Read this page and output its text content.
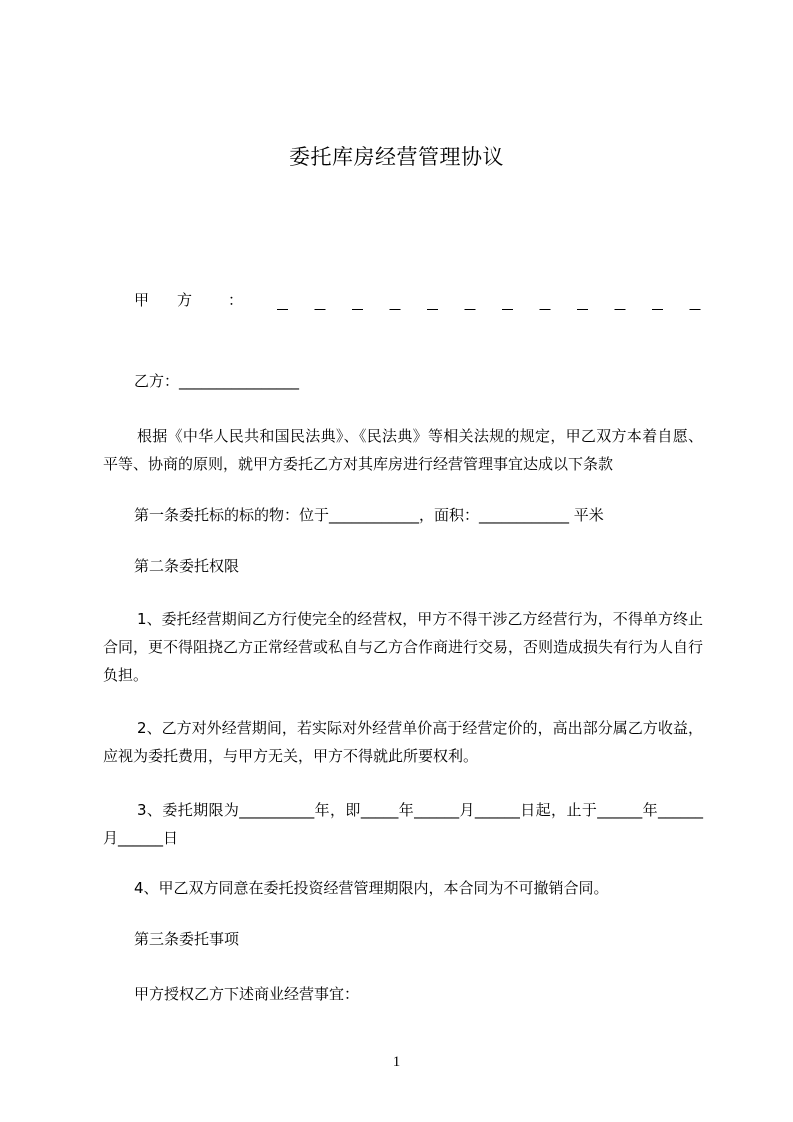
委托库房经营管理协议
甲方 ：
乙方：________________
根据《中华人民共和国民法典》、《民法典》等相关法规的规定，甲乙双方本着自愿、平等、协商的原则，就甲方委托乙方对其库房进行经营管理事宜达成以下条款
第一条委托标的标的物：位于____________，面积：____________ 平米
第二条委托权限
1、委托经营期间乙方行使完全的经营权，甲方不得干涉乙方经营行为，不得单方终止合同，更不得阻挠乙方正常经营或私自与乙方合作商进行交易，否则造成损失有行为人自行负担。
2、乙方对外经营期间，若实际对外经营单价高于经营定价的，高出部分属乙方收益，应视为委托费用，与甲方无关，甲方不得就此所要权利。
3、委托期限为__________年，即_____年______月______日起，止于______年______月______日
4、甲乙双方同意在委托投资经营管理期限内，本合同为不可撤销合同。
第三条委托事项
甲方授权乙方下述商业经营事宜：
1
